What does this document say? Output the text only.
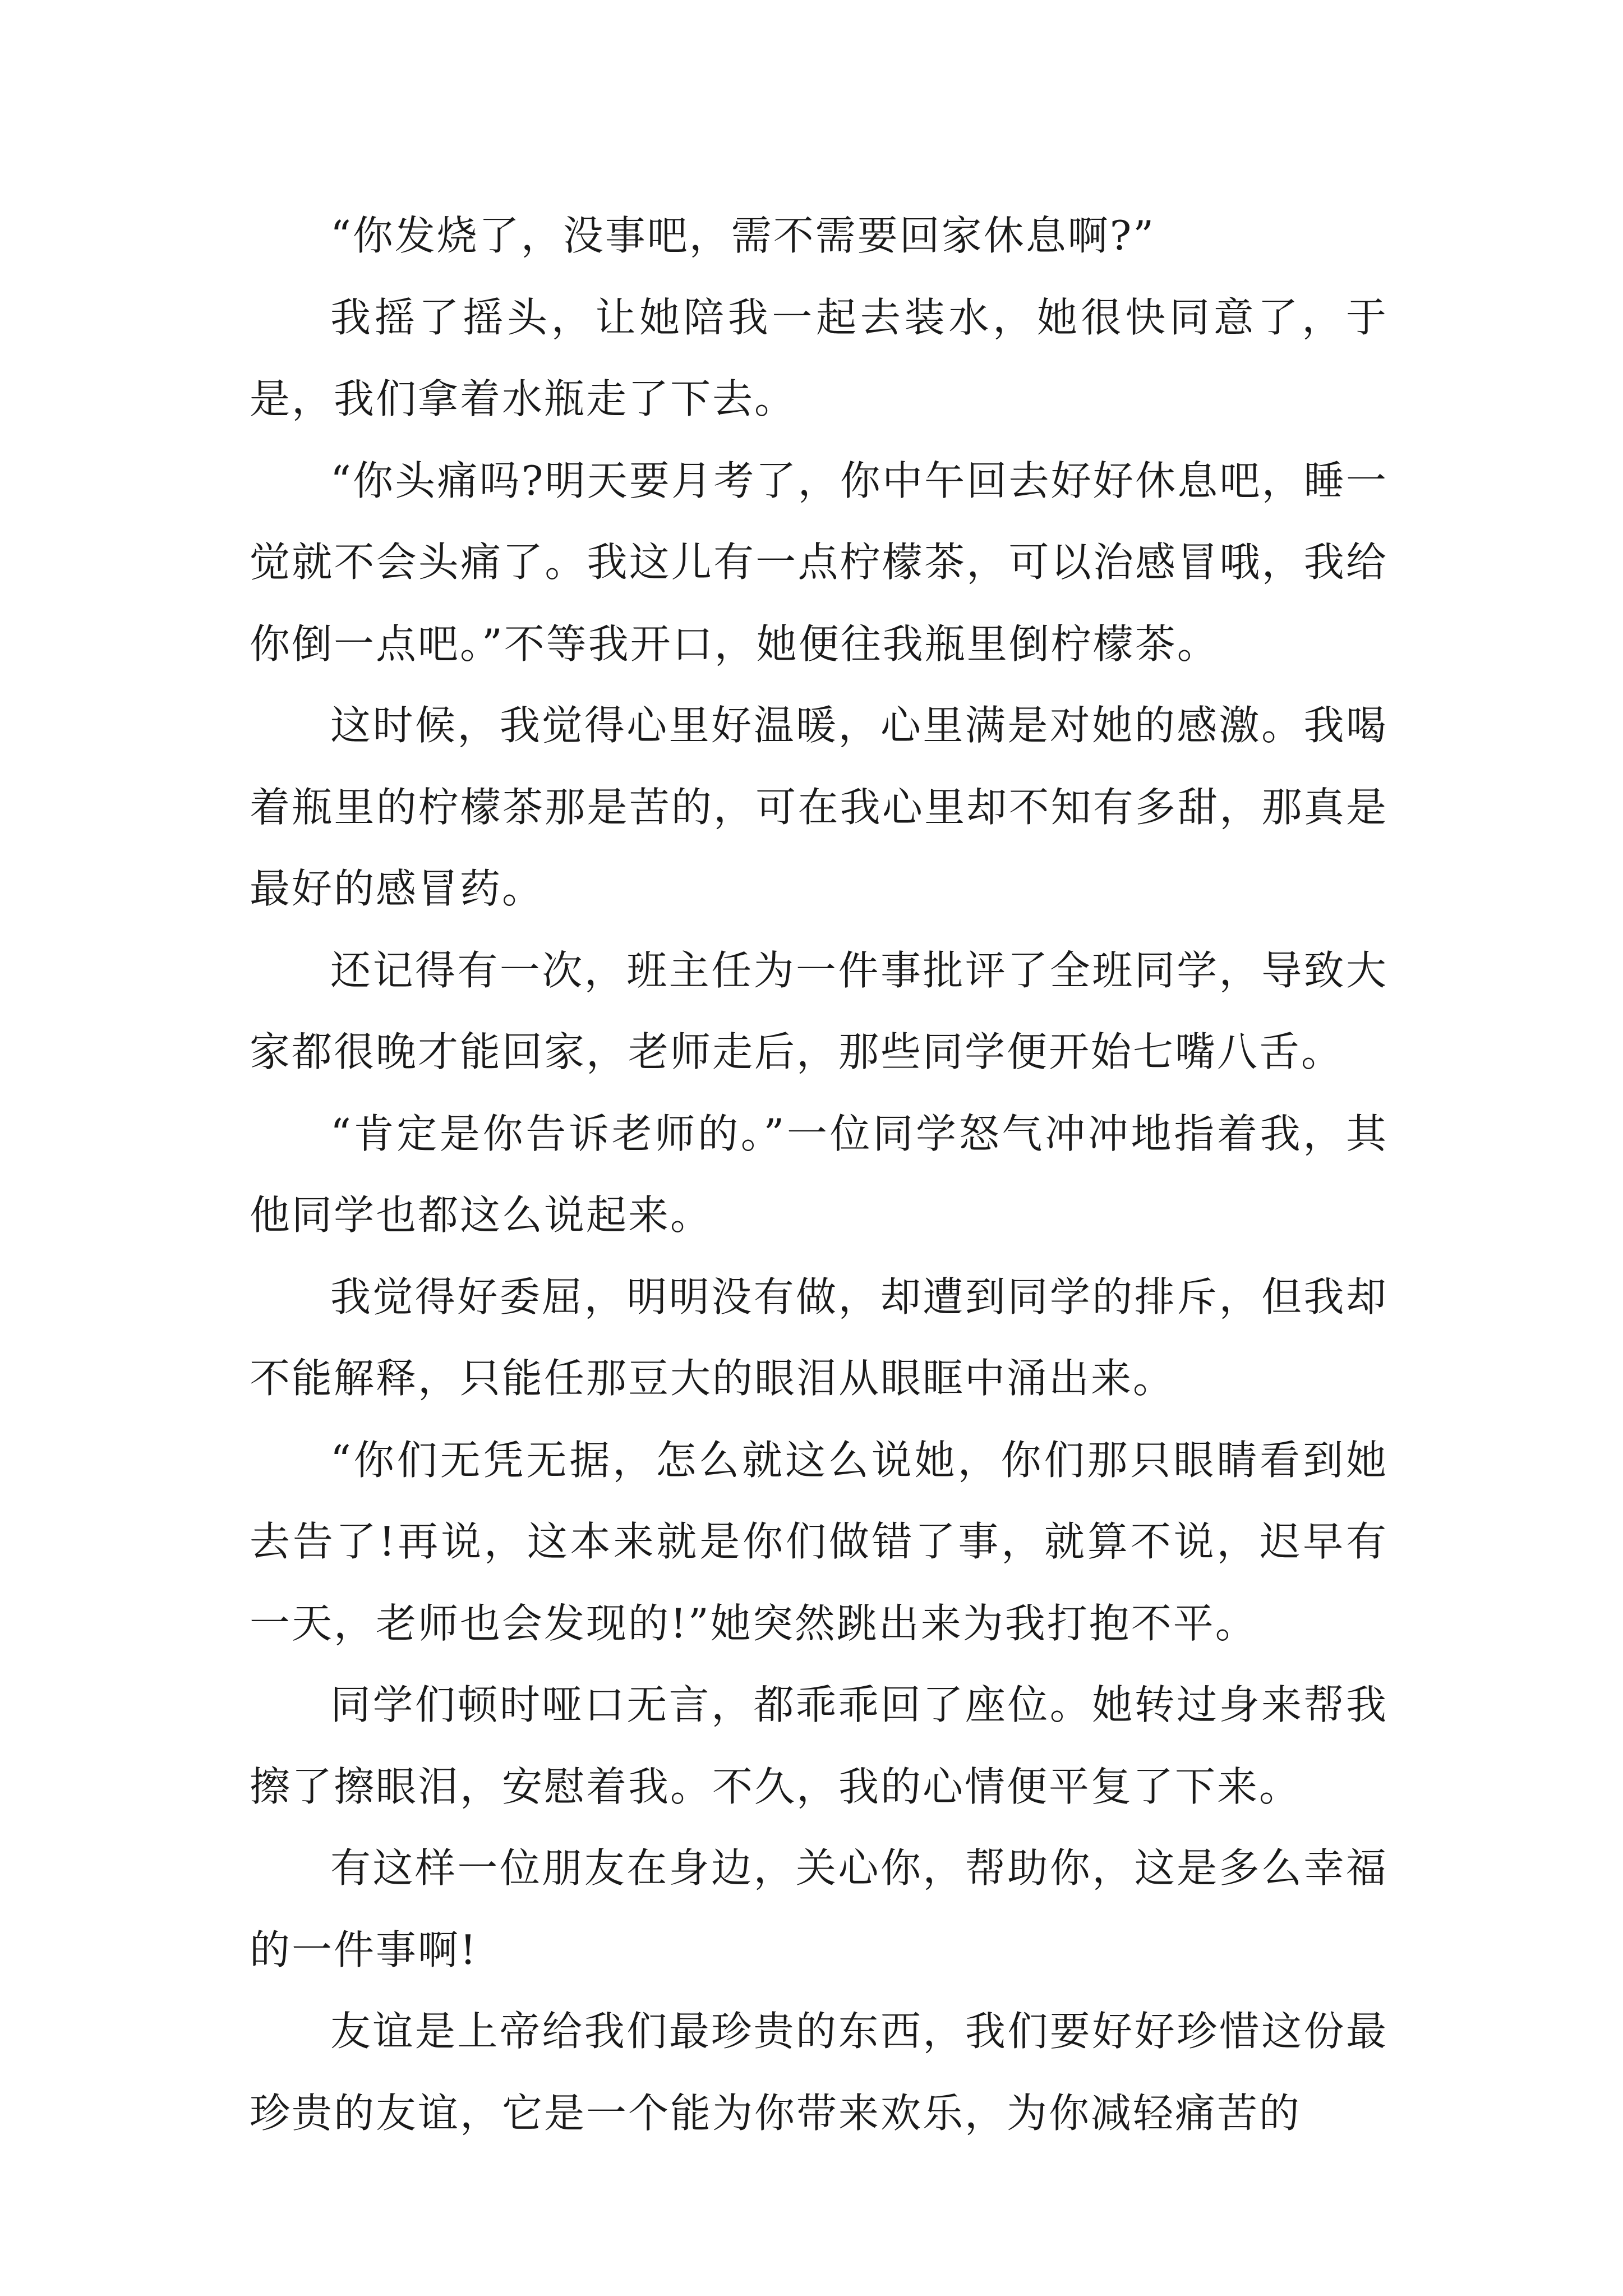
“你发烧了，没事吧，需不需要回家休息啊?”

我摇了摇头，让她陪我一起去装水，她很快同意了，于是，我们拿着水瓶走了下去。

“你头痛吗?明天要月考了，你中午回去好好休息吧，睡一觉就不会头痛了。我这儿有一点柠檬茶，可以治感冒哦，我给你倒一点吧。”不等我开口，她便往我瓶里倒柠檬茶。

这时候，我觉得心里好温暖，心里满是对她的感激。我喝着瓶里的柠檬茶那是苦的，可在我心里却不知有多甜，那真是最好的感冒药。

还记得有一次，班主任为一件事批评了全班同学，导致大家都很晚才能回家，老师走后，那些同学便开始七嘴八舌。

“肯定是你告诉老师的。”一位同学怒气冲冲地指着我，其他同学也都这么说起来。

我觉得好委屈，明明没有做，却遭到同学的排斥，但我却不能解释，只能任那豆大的眼泪从眼眶中涌出来。

“你们无凭无据，怎么就这么说她，你们那只眼睛看到她去告了!再说，这本来就是你们做错了事，就算不说，迟早有一天，老师也会发现的!”她突然跳出来为我打抱不平。

同学们顿时哑口无言，都乖乖回了座位。她转过身来帮我擦了擦眼泪，安慰着我。不久，我的心情便平复了下来。

有这样一位朋友在身边，关心你，帮助你，这是多么幸福的一件事啊!

友谊是上帝给我们最珍贵的东西，我们要好好珍惜这份最珍贵的友谊，它是一个能为你带来欢乐，为你减轻痛苦的
